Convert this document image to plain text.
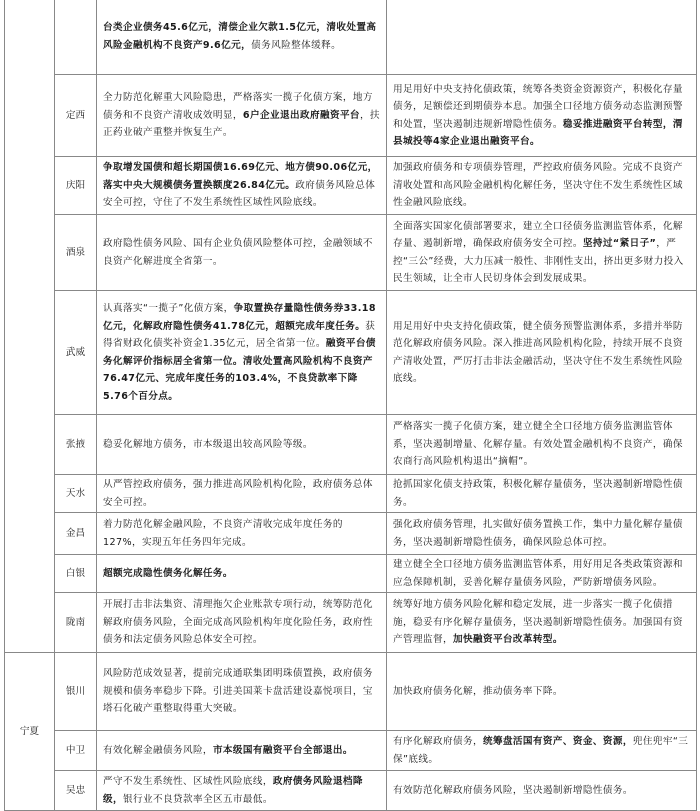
		台类企业债务45.6亿元，清偿企业欠款1.5亿元，清收处置高风险金融机构不良资产9.6亿元，债务风险整体缓释。	
	定西	全力防范化解重大风险隐患，严格落实一揽子化债方案，地方债务和不良资产清收成效明显，6户企业退出政府融资平台，扶正药业破产重整并恢复生产。	用足用好中央支持化债政策，统筹各类资金资源资产，积极化存量债务，足额偿还到期债券本息。加强全口径地方债务动态监测预警和处置，坚决遏制违规新增隐性债务。稳妥推进融资平台转型，渭县城投等4家企业退出融资平台。
	庆阳	争取增发国债和超长期国债16.69亿元、地方债90.06亿元，落实中央大规模债务置换额度26.84亿元。政府债务风险总体安全可控，守住了不发生系统性区域性风险底线。	加强政府债务和专项债券管理，严控政府债务风险。完成不良资产清收处置和高风险金融机构化解任务，坚决守住不发生系统性区域性金融风险底线。
	酒泉	政府隐性债务风险、国有企业负债风险整体可控，金融领域不良资产化解进度全省第一。	全面落实国家化债部署要求，建立全口径债务监测监管体系，化解存量、遏制新增，确保政府债务安全可控。坚持过“紧日子”，严控“三公”经费，大力压减一般性、非刚性支出，挤出更多财力投入民生领域，让全市人民切身体会到发展成果。
	武威	认真落实“一揽子”化债方案，争取置换存量隐性债务券33.18亿元，化解政府隐性债务41.78亿元，超额完成年度任务。获得省财政化债奖补资金1.35亿元，居全省第一位。融资平台债务化解评价指标居全省第一位。清收处置高风险机构不良资产76.47亿元、完成年度任务的103.4%，不良贷款率下降5.76个百分点。	用足用好中央支持化债政策，健全债务预警监测体系，多措并举防范化解政府债务风险。深入推进高风险机构化险，持续开展不良资产清收处置，严厉打击非法金融活动，坚决守住不发生系统性风险底线。
	张掖	稳妥化解地方债务，市本级退出较高风险等级。	严格落实一揽子化债方案，建立健全全口径地方债务监测监管体系，坚决遏制增量、化解存量。有效处置金融机构不良资产，确保农商行高风险机构退出“摘帽”。
	天水	从严管控政府债务，强力推进高风险机构化险，政府债务总体安全可控。	抢抓国家化债支持政策，积极化解存量债务，坚决遏制新增隐性债务。
	金昌	着力防范化解金融风险，不良资产清收完成年度任务的127%，实现五年任务四年完成。	强化政府债务管理，扎实做好债务置换工作，集中力量化解存量债务，坚决遏制新增隐性债务，确保风险总体可控。
	白银	超额完成隐性债务化解任务。	建立健全全口径地方债务监测监管体系，用好用足各类政策资源和应急保障机制，妥善化解存量债务风险，严防新增债务风险。
	陇南	开展打击非法集资、清理拖欠企业账款专项行动，统筹防范化解政府债务风险，全面完成高风险机构年度化险任务，政府性债务和法定债务风险总体安全可控。	统筹好地方债务风险化解和稳定发展，进一步落实一揽子化债措施，稳妥有序化解存量债务，坚决遏制新增隐性债务。加强国有资产管理监督，加快融资平台改革转型。
宁夏	银川	风险防范成效显著，提前完成通联集团明珠债置换，政府债务规模和债务率稳步下降。引进美国莱卡盘活建设嘉悦项目，宝塔石化破产重整取得重大突破。	加快政府债务化解，推动债务率下降。
	中卫	有效化解金融债务风险，市本级国有融资平台全部退出。	有序化解政府债务，统筹盘活国有资产、资金、资源，兜住兜牢“三保”底线。
	吴忠	严守不发生系统性、区域性风险底线，政府债务风险退档降级，银行业不良贷款率全区五市最低。	有效防范化解政府债务风险，坚决遏制新增隐性债务。
